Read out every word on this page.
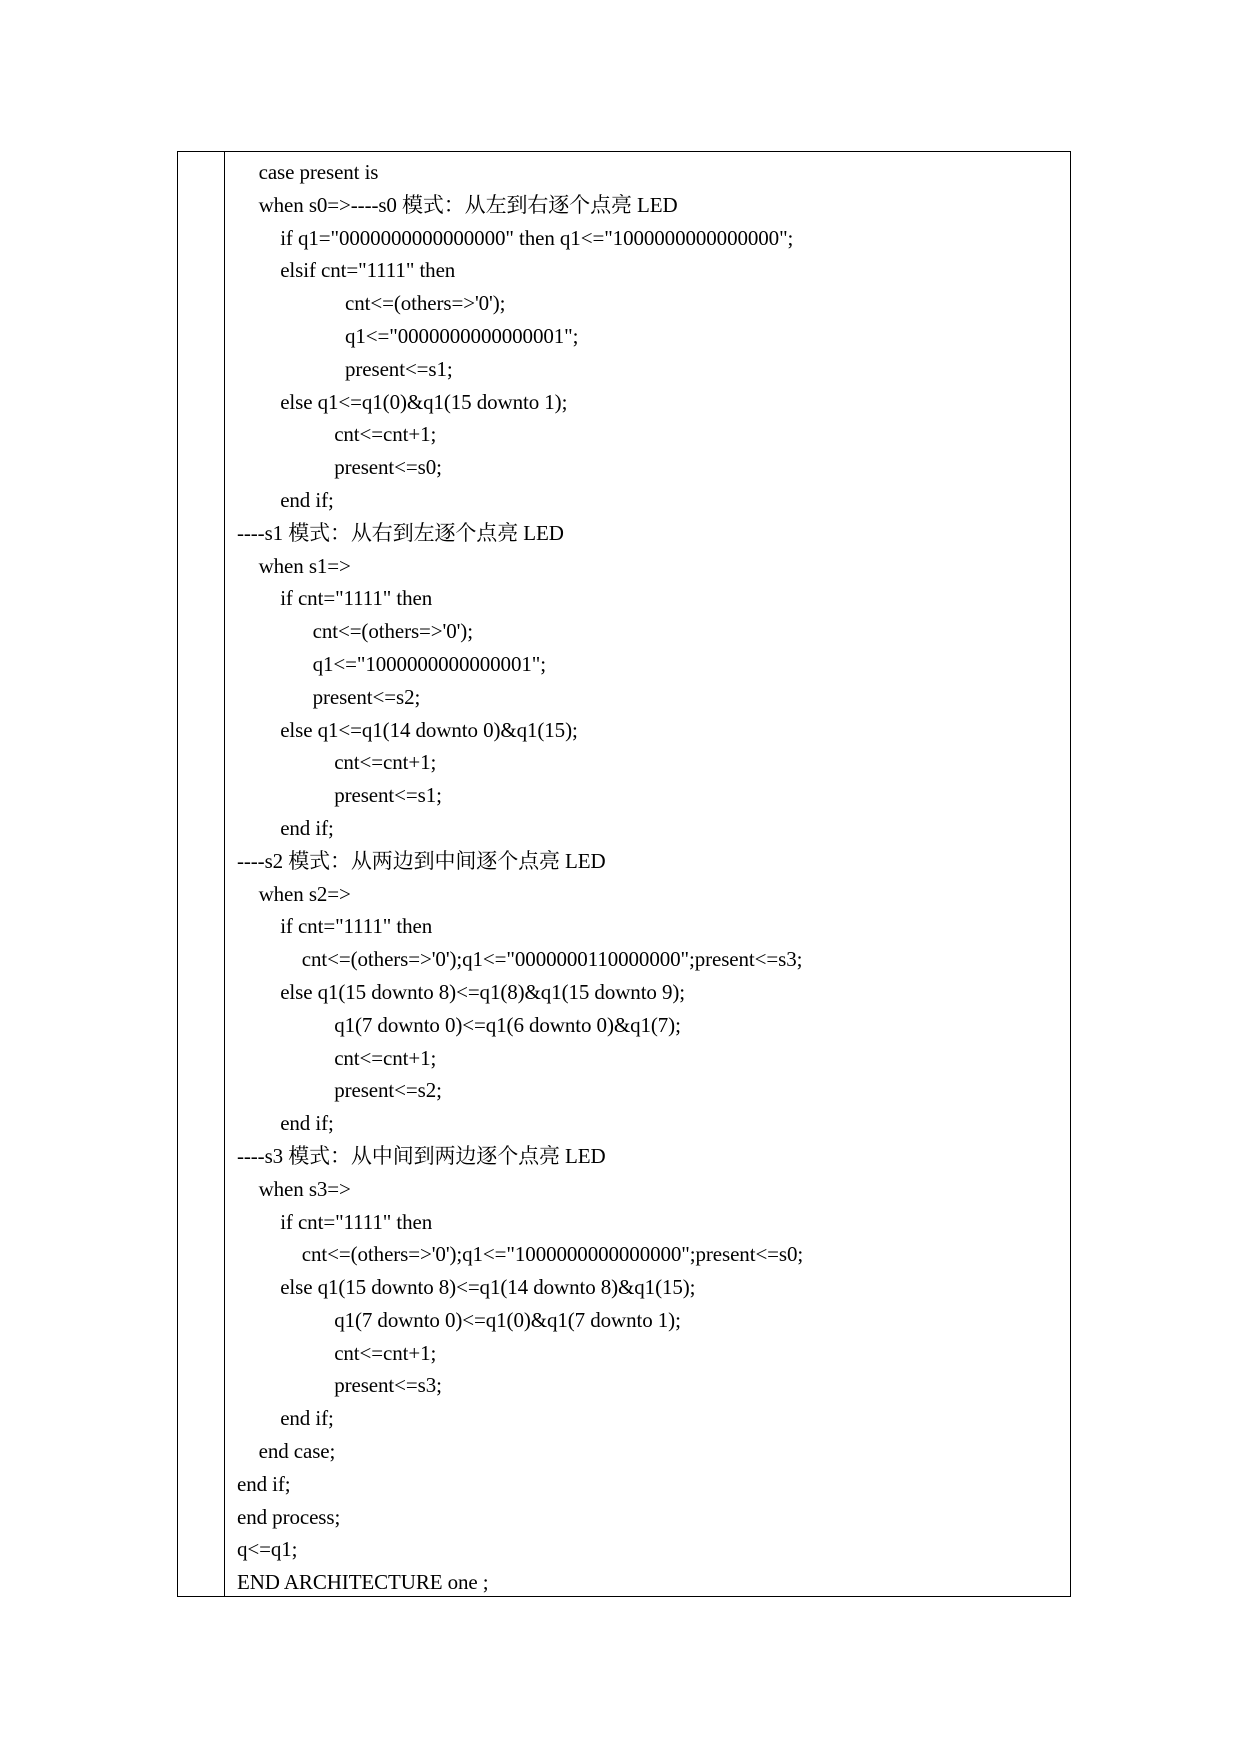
case present is
when s0=>----s0 模式：从左到右逐个点亮 LED
if q1="0000000000000000" then q1<="1000000000000000";
elsif cnt="1111" then
cnt<=(others=>'0');
q1<="0000000000000001";
present<=s1;
else q1<=q1(0)&q1(15 downto 1);
cnt<=cnt+1;
present<=s0;
end if;
----s1 模式：从右到左逐个点亮 LED
when s1=>
if cnt="1111" then
cnt<=(others=>'0');
q1<="1000000000000001";
present<=s2;
else q1<=q1(14 downto 0)&q1(15);
cnt<=cnt+1;
present<=s1;
end if;
----s2 模式：从两边到中间逐个点亮 LED
when s2=>
if cnt="1111" then
cnt<=(others=>'0');q1<="0000000110000000";present<=s3;
else q1(15 downto 8)<=q1(8)&q1(15 downto 9);
q1(7 downto 0)<=q1(6 downto 0)&q1(7);
cnt<=cnt+1;
present<=s2;
end if;
----s3 模式：从中间到两边逐个点亮 LED
when s3=>
if cnt="1111" then
cnt<=(others=>'0');q1<="1000000000000000";present<=s0;
else q1(15 downto 8)<=q1(14 downto 8)&q1(15);
q1(7 downto 0)<=q1(0)&q1(7 downto 1);
cnt<=cnt+1;
present<=s3;
end if;
end case;
end if;
end process;
q<=q1;
END ARCHITECTURE one ;
